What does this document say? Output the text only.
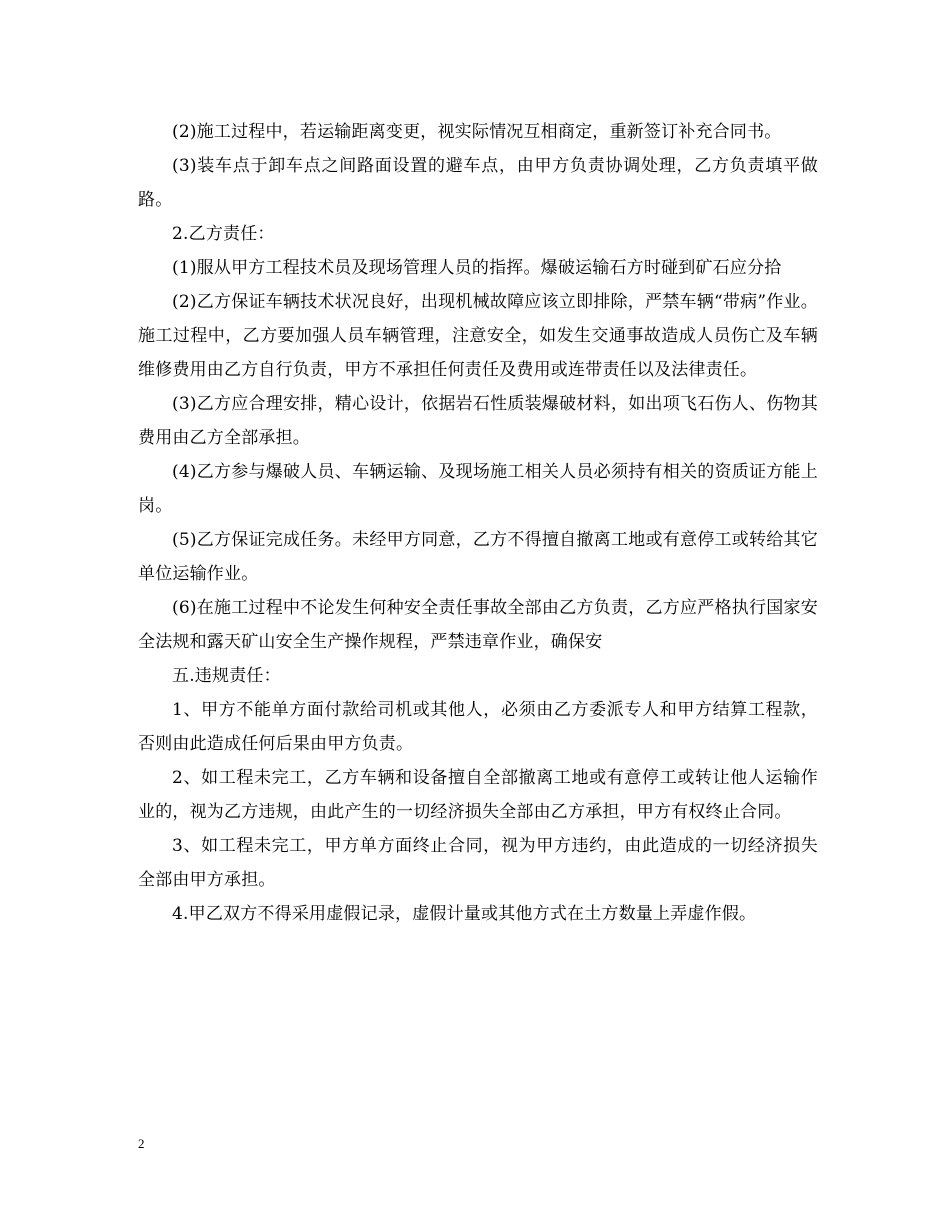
(2)施工过程中，若运输距离变更，视实际情况互相商定，重新签订补充合同书。

(3)装车点于卸车点之间路面设置的避车点，由甲方负责协调处理，乙方负责填平做路。

2.乙方责任：

(1)服从甲方工程技术员及现场管理人员的指挥。爆破运输石方时碰到矿石应分拾

(2)乙方保证车辆技术状况良好，出现机械故障应该立即排除，严禁车辆“带病”作业。施工过程中，乙方要加强人员车辆管理，注意安全，如发生交通事故造成人员伤亡及车辆维修费用由乙方自行负责，甲方不承担任何责任及费用或连带责任以及法律责任。

(3)乙方应合理安排，精心设计，依据岩石性质装爆破材料，如出项飞石伤人、伤物其费用由乙方全部承担。

(4)乙方参与爆破人员、车辆运输、及现场施工相关人员必须持有相关的资质证方能上岗。

(5)乙方保证完成任务。未经甲方同意，乙方不得擅自撤离工地或有意停工或转给其它单位运输作业。

(6)在施工过程中不论发生何种安全责任事故全部由乙方负责，乙方应严格执行国家安全法规和露天矿山安全生产操作规程，严禁违章作业，确保安

五.违规责任：

1、甲方不能单方面付款给司机或其他人，必须由乙方委派专人和甲方结算工程款，否则由此造成任何后果由甲方负责。

2、如工程未完工，乙方车辆和设备擅自全部撤离工地或有意停工或转让他人运输作业的，视为乙方违规，由此产生的一切经济损失全部由乙方承担，甲方有权终止合同。

3、如工程未完工，甲方单方面终止合同，视为甲方违约，由此造成的一切经济损失全部由甲方承担。

4.甲乙双方不得采用虚假记录，虚假计量或其他方式在土方数量上弄虚作假。

2
